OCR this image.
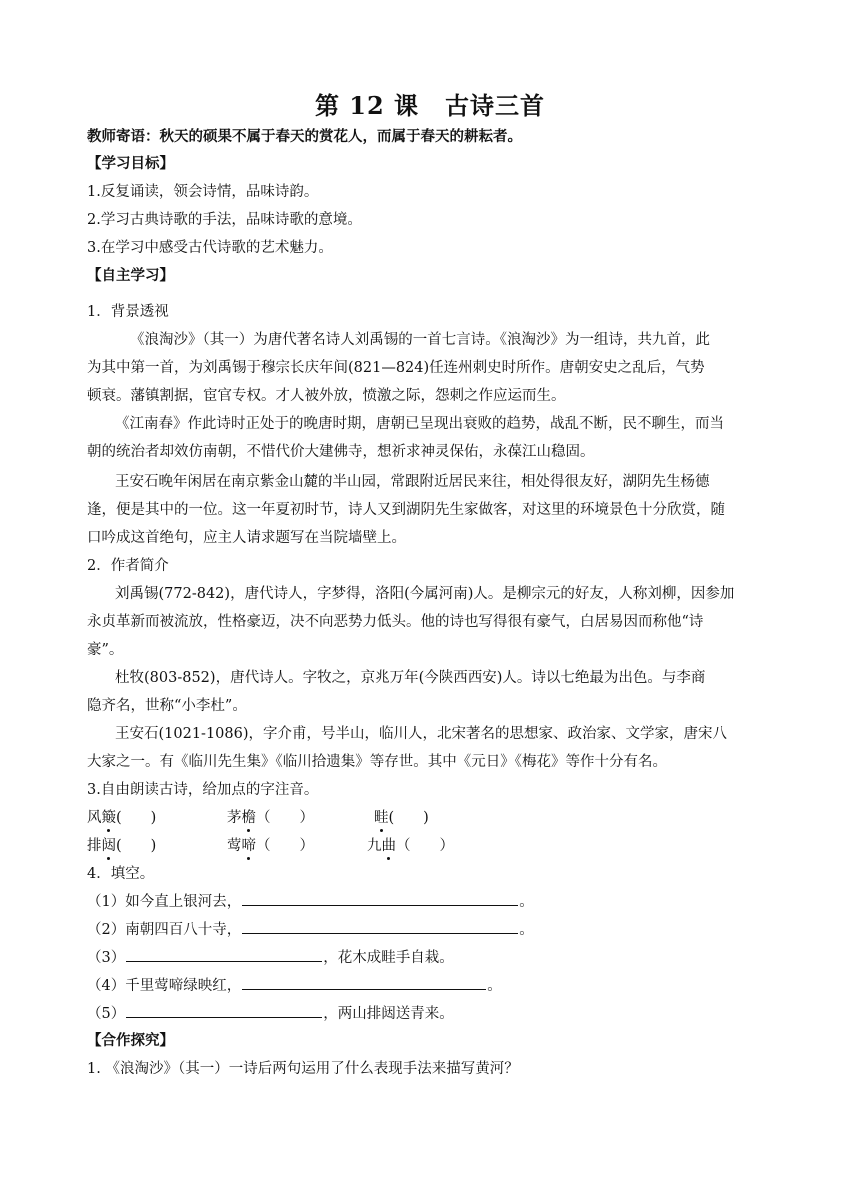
第 12 课 古诗三首
教师寄语：秋天的硕果不属于春天的赏花人，而属于春天的耕耘者。
【学习目标】
1.反复诵读，领会诗情，品味诗韵。
2.学习古典诗歌的手法，品味诗歌的意境。
3.在学习中感受古代诗歌的艺术魅力。
【自主学习】
1．背景透视
《浪淘沙》（其一）为唐代著名诗人刘禹锡的一首七言诗。《浪淘沙》为一组诗，共九首，此
为其中第一首，为刘禹锡于穆宗长庆年间(821—824)任连州刺史时所作。唐朝安史之乱后，气势
顿衰。藩镇割据，宦官专权。才人被外放，愤激之际，怨刺之作应运而生。
《江南春》作此诗时正处于的晚唐时期，唐朝已呈现出衰败的趋势，战乱不断，民不聊生，而当
朝的统治者却效仿南朝，不惜代价大建佛寺，想祈求神灵保佑，永葆江山稳固。
王安石晚年闲居在南京紫金山麓的半山园，常跟附近居民来往，相处得很友好，湖阴先生杨德
逢，便是其中的一位。这一年夏初时节，诗人又到湖阴先生家做客，对这里的环境景色十分欣赏，随
口吟成这首绝句，应主人请求题写在当院墙壁上。
2．作者简介
刘禹锡(772-842)，唐代诗人，字梦得，洛阳(今属河南)人。是柳宗元的好友，人称刘柳，因参加
永贞革新而被流放，性格豪迈，决不向恶势力低头。他的诗也写得很有豪气，白居易因而称他“诗
豪”。
杜牧(803-852)，唐代诗人。字牧之，京兆万年(今陕西西安)人。诗以七绝最为出色。与李商
隐齐名，世称“小李杜”。
王安石(1021-1086)，字介甫，号半山，临川人，北宋著名的思想家、政治家、文学家，唐宋八
大家之一。有《临川先生集》《临川拾遗集》等存世。其中《元日》《梅花》等作十分有名。
3.自由朗读古诗，给加点的字注音。
风簸(　　)	茅檐（　　）	畦(　　)
排闼(　　)	莺啼（　　）	九曲（　　）
4．填空。
（1）如今直上银河去，	。
（2）南朝四百八十寺，	。
（3）	，花木成畦手自栽。
（4）千里莺啼绿映红，	。
（5）	，两山排闼送青来。
【合作探究】
1. 《浪淘沙》（其一）一诗后两句运用了什么表现手法来描写黄河？
